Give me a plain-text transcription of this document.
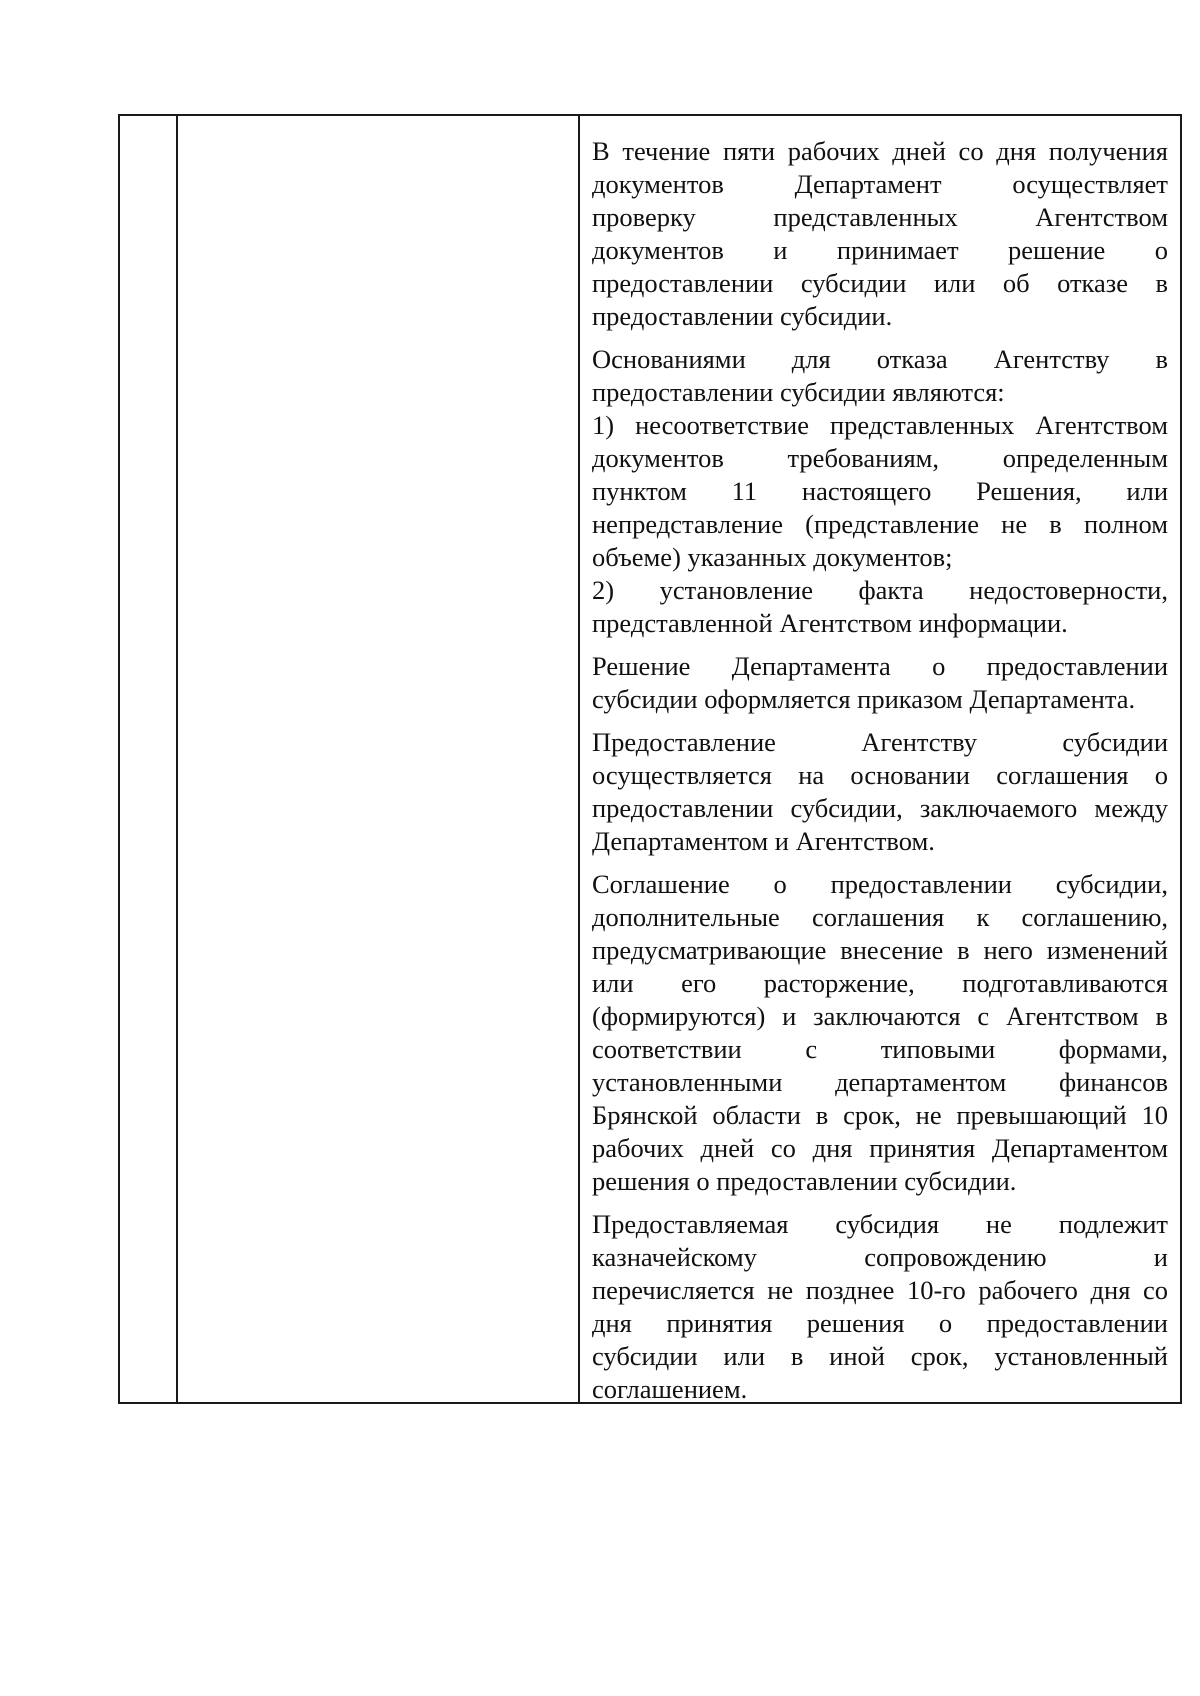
В течение пяти рабочих дней со дня получения
документов Департамент осуществляет
проверку представленных Агентством
документов и принимает решение о
предоставлении субсидии или об отказе в
предоставлении субсидии.

Основаниями для отказа Агентству в
предоставлении субсидии являются:
1) несоответствие представленных Агентством
документов требованиям, определенным
пунктом 11 настоящего Решения, или
непредставление (представление не в полном
объеме) указанных документов;
2) установление факта недостоверности,
представленной Агентством информации.

Решение Департамента о предоставлении
субсидии оформляется приказом Департамента.

Предоставление Агентству субсидии
осуществляется на основании соглашения о
предоставлении субсидии, заключаемого между
Департаментом и Агентством.

Соглашение о предоставлении субсидии,
дополнительные соглашения к соглашению,
предусматривающие внесение в него изменений
или его расторжение, подготавливаются
(формируются) и заключаются с Агентством в
соответствии с типовыми формами,
установленными департаментом финансов
Брянской области в срок, не превышающий 10
рабочих дней со дня принятия Департаментом
решения о предоставлении субсидии.

Предоставляемая субсидия не подлежит
казначейскому сопровождению и
перечисляется не позднее 10-го рабочего дня со
дня принятия решения о предоставлении
субсидии или в иной срок, установленный
соглашением.
